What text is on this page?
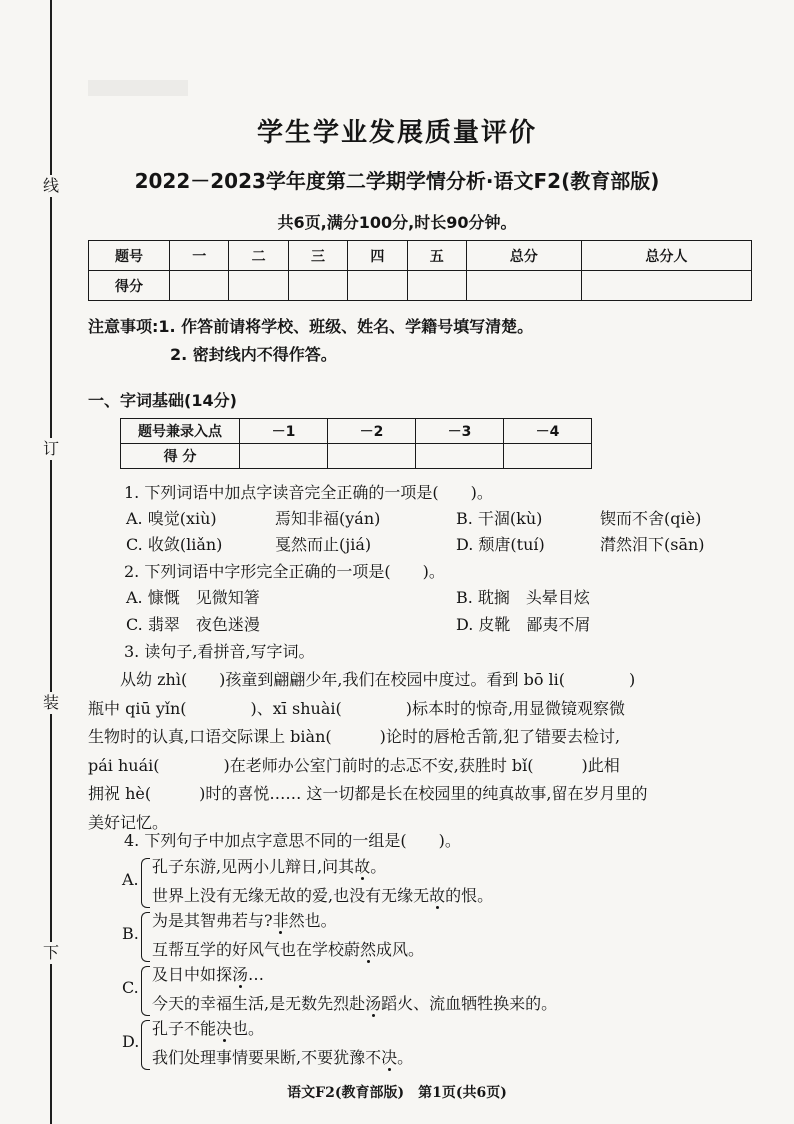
线
订
装
下
学生学业发展质量评价
2022－2023学年度第二学期学情分析·语文F2(教育部版)
共6页,满分100分,时长90分钟。
题号	一	二	三	四	五	总分	总分人
得分							
注意事项:1. 作答前请将学校、班级、姓名、学籍号填写清楚。
2. 密封线内不得作答。
一、字词基础(14分)
题号兼录入点	－1	－2	－3	－4
得 分				
1. 下列词语中加点字读音完全正确的一项是(　　)。
A. 嗅觉(xiù)	焉知非福(yán)	B. 干涸(kù)	锲而不舍(qiè)
C. 收敛(liǎn)	戛然而止(jiá)	D. 颓唐(tuí)	潸然泪下(sān)
2. 下列词语中字形完全正确的一项是(　　)。
A. 慷慨　见微知箸	B. 耽搁　头晕目炫
C. 翡翠　夜色迷漫	D. 皮靴　鄙夷不屑
3. 读句子,看拼音,写字词。
从幼 zhì(　　)孩童到翩翩少年,我们在校园中度过。看到 bō li(　　　　)
瓶中 qiū yǐn(　　　　)、xī shuài(　　　　)标本时的惊奇,用显微镜观察微
生物时的认真,口语交际课上 biàn(　　　)论时的唇枪舌箭,犯了错要去检讨,
pái huái(　　　　)在老师办公室门前时的忐忑不安,获胜时 bǐ(　　　)此相
拥祝 hè(　　　)时的喜悦…… 这一切都是长在校园里的纯真故事,留在岁月里的
美好记忆。
4. 下列句子中加点字意思不同的一组是(　　)。
A.
孔子东游,见两小儿辩日,问其故。
世界上没有无缘无故的爱,也没有无缘无故的恨。
B.
为是其智弗若与?非然也。
互帮互学的好风气也在学校蔚然成风。
C.
及日中如探汤…
今天的幸福生活,是无数先烈赴汤蹈火、流血牺牲换来的。
D.
孔子不能决也。
我们处理事情要果断,不要犹豫不决。
语文F2(教育部版)　第1页(共6页)
